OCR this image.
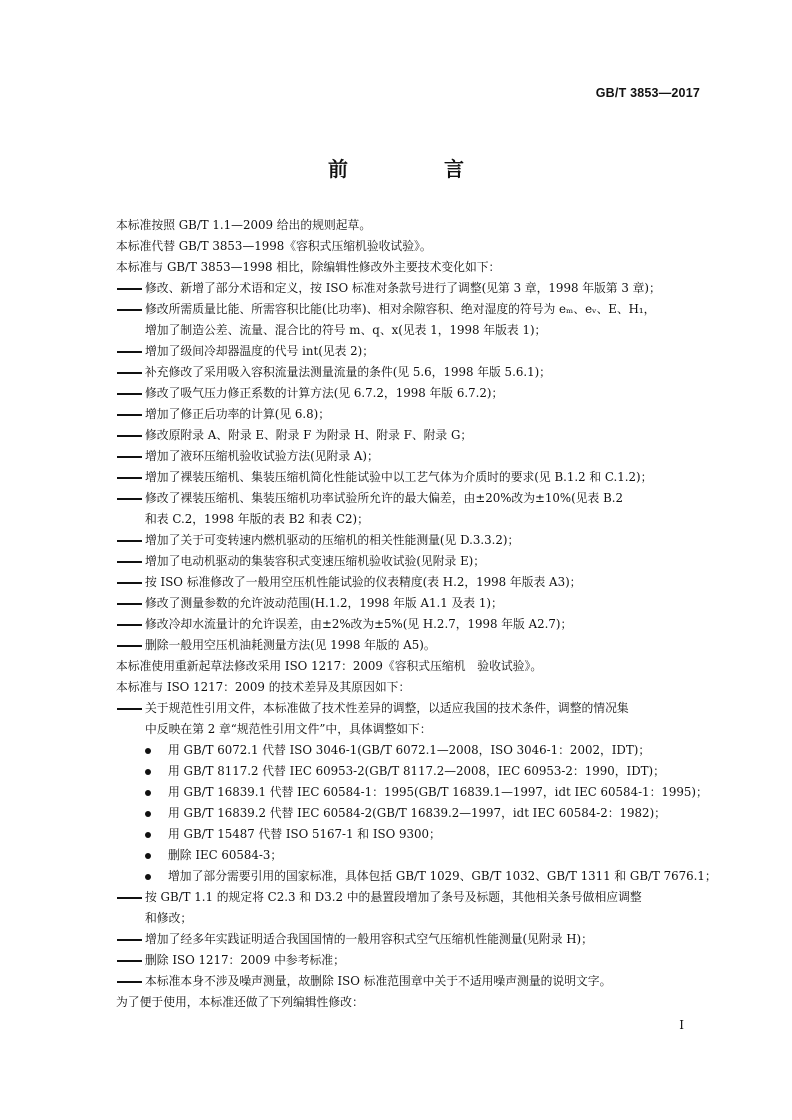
GB/T 3853—2017
前　言
本标准按照 GB/T 1.1—2009 给出的规则起草。
本标准代替 GB/T 3853—1998《容积式压缩机验收试验》。
本标准与 GB/T 3853—1998 相比，除编辑性修改外主要技术变化如下：
修改、新增了部分术语和定义，按 ISO 标准对条款号进行了调整(见第 3 章，1998 年版第 3 章)；
修改所需质量比能、所需容积比能(比功率)、相对余隙容积、绝对湿度的符号为 eₘ、eᵥ、E、H₁，
增加了制造公差、流量、混合比的符号 m、q、x(见表 1，1998 年版表 1)；
增加了级间冷却器温度的代号 int(见表 2)；
补充修改了采用吸入容积流量法测量流量的条件(见 5.6，1998 年版 5.6.1)；
修改了吸气压力修正系数的计算方法(见 6.7.2，1998 年版 6.7.2)；
增加了修正后功率的计算(见 6.8)；
修改原附录 A、附录 E、附录 F 为附录 H、附录 F、附录 G；
增加了液环压缩机验收试验方法(见附录 A)；
增加了裸装压缩机、集装压缩机简化性能试验中以工艺气体为介质时的要求(见 B.1.2 和 C.1.2)；
修改了裸装压缩机、集装压缩机功率试验所允许的最大偏差，由±20%改为±10%(见表 B.2
和表 C.2，1998 年版的表 B2 和表 C2)；
增加了关于可变转速内燃机驱动的压缩机的相关性能测量(见 D.3.3.2)；
增加了电动机驱动的集装容积式变速压缩机验收试验(见附录 E)；
按 ISO 标准修改了一般用空压机性能试验的仪表精度(表 H.2，1998 年版表 A3)；
修改了测量参数的允许波动范围(H.1.2，1998 年版 A1.1 及表 1)；
修改冷却水流量计的允许误差，由±2%改为±5%(见 H.2.7，1998 年版 A2.7)；
删除一般用空压机油耗测量方法(见 1998 年版的 A5)。
本标准使用重新起草法修改采用 ISO 1217：2009《容积式压缩机　验收试验》。
本标准与 ISO 1217：2009 的技术差异及其原因如下：
关于规范性引用文件，本标准做了技术性差异的调整，以适应我国的技术条件，调整的情况集
中反映在第 2 章“规范性引用文件”中，具体调整如下：
用 GB/T 6072.1 代替 ISO 3046-1(GB/T 6072.1—2008，ISO 3046-1：2002，IDT)；
用 GB/T 8117.2 代替 IEC 60953-2(GB/T 8117.2—2008，IEC 60953-2：1990，IDT)；
用 GB/T 16839.1 代替 IEC 60584-1：1995(GB/T 16839.1—1997，idt IEC 60584-1：1995)；
用 GB/T 16839.2 代替 IEC 60584-2(GB/T 16839.2—1997，idt IEC 60584-2：1982)；
用 GB/T 15487 代替 ISO 5167-1 和 ISO 9300；
删除 IEC 60584-3；
增加了部分需要引用的国家标准，具体包括 GB/T 1029、GB/T 1032、GB/T 1311 和 GB/T 7676.1；
按 GB/T 1.1 的规定将 C2.3 和 D3.2 中的悬置段增加了条号及标题，其他相关条号做相应调整
和修改；
增加了经多年实践证明适合我国国情的一般用容积式空气压缩机性能测量(见附录 H)；
删除 ISO 1217：2009 中参考标准；
本标准本身不涉及噪声测量，故删除 ISO 标准范围章中关于不适用噪声测量的说明文字。
为了便于使用，本标准还做了下列编辑性修改：
I
